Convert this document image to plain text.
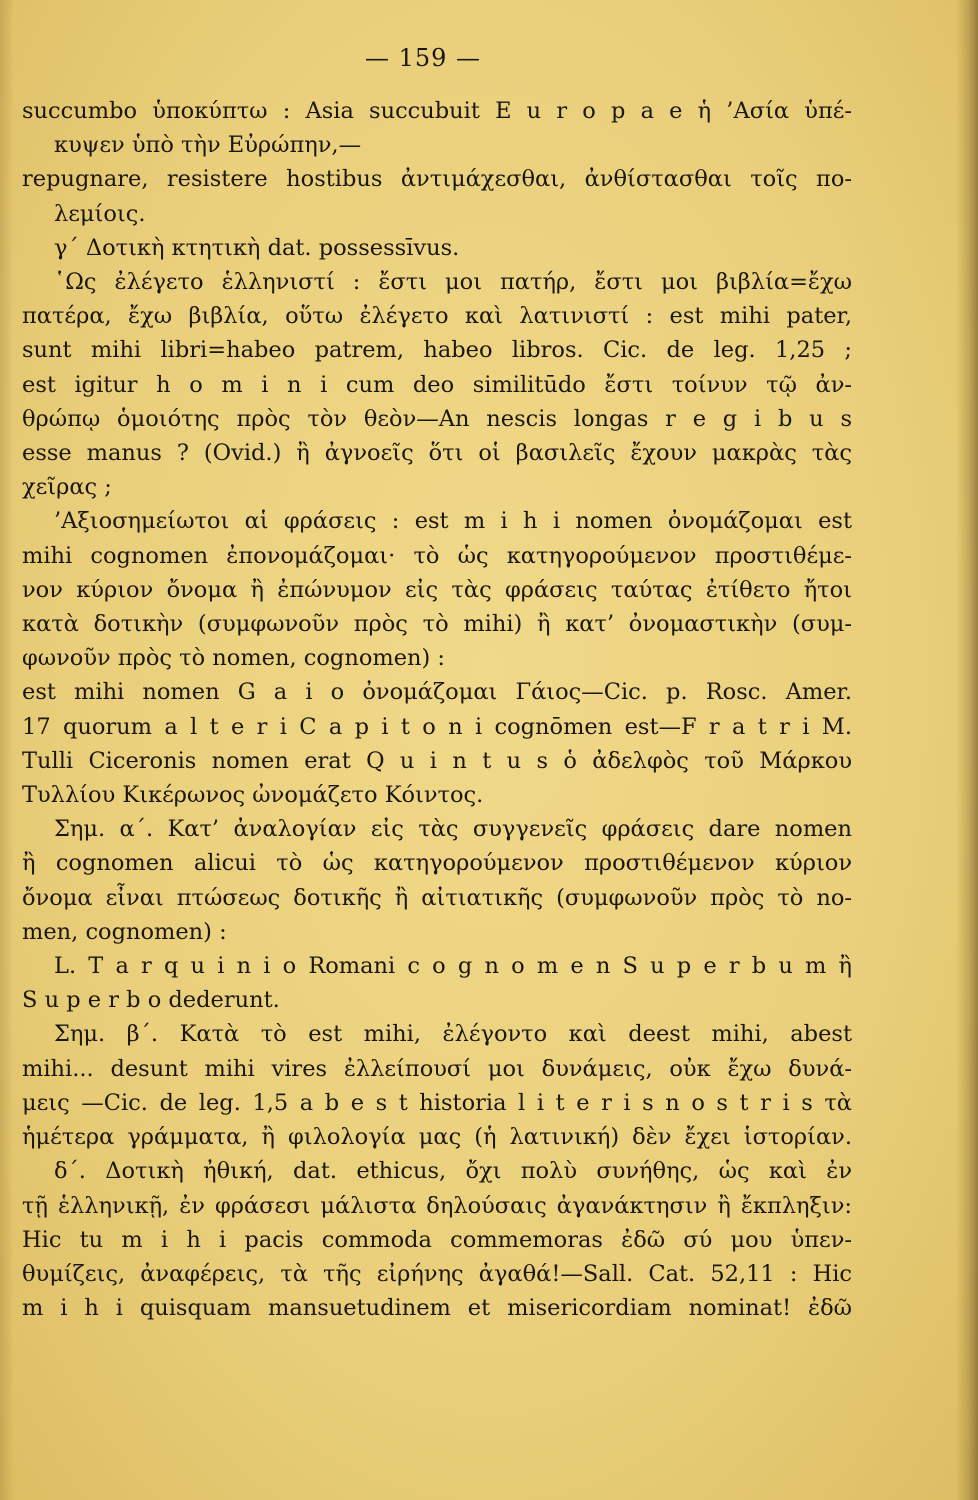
— 159 —
succumbo ὑποκύπτω : Asia succubuit E u r o p a e ἡ ’Ασία ὑπέ-
κυψεν ὑπὸ τὴν Εὐρώπην,—
repugnare, resistere hostibus ἀντιμάχεσθαι, ἀνθίστασθαι τοῖς πο-
λεμίοις.
γ΄ Δοτικὴ κτητικὴ dat. possessīvus.
῾Ως ἐλέγετο ἑλληνιστί : ἔστι μοι πατήρ, ἔστι μοι βιβλία=ἔχω
πατέρα, ἔχω βιβλία, οὕτω ἐλέγετο καὶ λατινιστί : est mihi pater,
sunt mihi libri=habeo patrem, habeo libros. Cic. de leg. 1,25 ;
est igitur h o m i n i cum deo similitūdo ἔστι τοίνυν τῷ ἀν-
θρώπῳ ὁμοιότης πρὸς τὸν θεὸν—An nescis longas r e g i b u s
esse manus ? (Ovid.) ἢ ἀγνοεῖς ὅτι οἱ βασιλεῖς ἔχουν μακρὰς τὰς
χεῖρας ;
’Αξιοσημείωτοι αἱ φράσεις : est m i h i nomen ὀνομάζομαι est
mihi cognomen ἐπονομάζομαι· τὸ ὡς κατηγορούμενον προστιθέμε-
νον κύριον ὄνομα ἢ ἐπώνυμον εἰς τὰς φράσεις ταύτας ἐτίθετο ἤτοι
κατὰ δοτικὴν (συμφωνοῦν πρὸς τὸ mihi) ἢ κατ’ ὀνομαστικὴν (συμ-
φωνοῦν πρὸς τὸ nomen, cognomen) :
est mihi nomen G a i o ὀνομάζομαι Γάιος—Cic. p. Rosc. Amer.
17 quorum a l t e r i C a p i t o n i cognōmen est—F r a t r i M.
Tulli Ciceronis nomen erat Q u i n t u s ὁ ἀδελφὸς τοῦ Μάρκου
Τυλλίου Κικέρωνος ὠνομάζετο Κόιντος.
Σημ. α΄. Κατ’ ἀναλογίαν εἰς τὰς συγγενεῖς φράσεις dare nomen
ἢ cognomen alicui τὸ ὡς κατηγορούμενον προστιθέμενον κύριον
ὄνομα εἶναι πτώσεως δοτικῆς ἢ αἰτιατικῆς (συμφωνοῦν πρὸς τὸ no-
men, cognomen) :
L. T a r q u i n i o Romani c o g n o m e n S u p e r b u m ἢ
S u p e r b o dederunt.
Σημ. β΄. Κατὰ τὸ est mihi, ἐλέγοντο καὶ deest mihi, abest
mihi... desunt mihi vires ἐλλείπουσί μοι δυνάμεις, οὐκ ἔχω δυνά-
μεις —Cic. de leg. 1,5 a b e s t historia l i t e r i s n o s t r i s τὰ
ἡμέτερα γράμματα, ἢ φιλολογία μας (ἡ λατινική) δὲν ἔχει ἱστορίαν.
δ΄. Δοτικὴ ἠθική, dat. ethicus, ὄχι πολὺ συνήθης, ὡς καὶ ἐν
τῇ ἑλληνικῇ, ἐν φράσεσι μάλιστα δηλούσαις ἀγανάκτησιν ἢ ἔκπληξιν:
Hic tu m i h i pacis commoda commemoras ἐδῶ σύ μου ὑπεν-
θυμίζεις, ἀναφέρεις, τὰ τῆς εἰρήνης ἀγαθά!—Sall. Cat. 52,11 : Hic
m i h i quisquam mansuetudinem et misericordiam nominat! ἐδῶ
